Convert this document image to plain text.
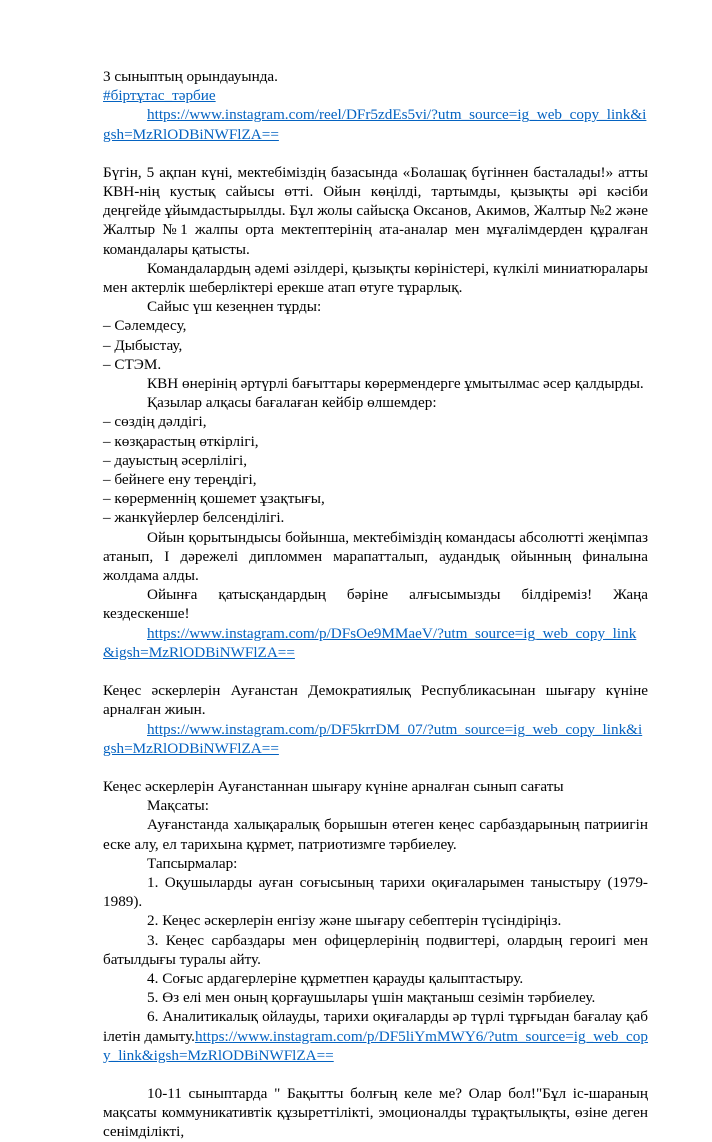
3 сыныптың орындауында.

#біртұтас_тәрбие

https://www.instagram.com/reel/DFr5zdEs5vi/?utm_source=ig_web_copy_link&igsh=MzRlODBiNWFlZA==

Бүгін, 5 ақпан күні, мектебіміздің базасында «Болашақ бүгіннен басталады!» атты КВН-нің кустық сайысы өтті. Ойын көңілді, тартымды, қызықты әрі кәсіби деңгейде ұйымдастырылды. Бұл жолы сайысқа Оксанов, Акимов, Жалтыр №2 және Жалтыр №1 жалпы орта мектептерінің ата-аналар мен мұғалімдерден құралған командалары қатысты.

Командалардың әдемі әзілдері, қызықты көріністері, күлкілі миниатюралары мен актерлік шеберліктері ерекше атап өтуге тұрарлық.

Сайыс үш кезеңнен тұрды:

– Сәлемдесу,

– Дыбыстау,

– СТЭМ.

КВН өнерінің әртүрлі бағыттары көрермендерге ұмытылмас әсер қалдырды.

Қазылар алқасы бағалаған кейбір өлшемдер:

– сөздің дәлдігі,

– көзқарастың өткірлігі,

– дауыстың әсерлілігі,

– бейнеге ену тереңдігі,

– көрерменнің қошемет ұзақтығы,

– жанкүйерлер белсенділігі.

Ойын қорытындысы бойынша, мектебіміздің командасы абсолютті жеңімпаз атанып, І дәрежелі дипломмен марапатталып, аудандық ойынның финалына жолдама алды.

Ойынға қатысқандардың бәріне алғысымызды білдіреміз! Жаңа кездескенше!

https://www.instagram.com/p/DFsOe9MMaeV/?utm_source=ig_web_copy_link&igsh=MzRlODBiNWFlZA==

Кеңес әскерлерін Ауғанстан Демократиялық Республикасынан шығару күніне арналған жиын.

https://www.instagram.com/p/DF5krrDM_07/?utm_source=ig_web_copy_link&igsh=MzRlODBiNWFlZA==

Кеңес әскерлерін Ауғанстаннан шығару күніне арналған сынып сағаты

Мақсаты:

Ауғанстанда халықаралық борышын өтеген кеңес сарбаздарының патриигін еске алу, ел тарихына құрмет, патриотизмге тәрбиелеу.

Тапсырмалар:

1. Оқушыларды ауған соғысының тарихи оқиғаларымен таныстыру (1979-1989).

2. Кеңес әскерлерін енгізу және шығару себептерін түсіндіріңіз.

3. Кеңес сарбаздары мен офицерлерінің подвигтері, олардың героигі мен батылдығы туралы айту.

4. Соғыс ардагерлеріне құрметпен қарауды қалыптастыру.

5. Өз елі мен оның қорғаушылары үшін мақтаныш сезімін тәрбиелеу.

6. Аналитикалық ойлауды, тарихи оқиғаларды әр түрлі тұрғыдан бағалау қабілетін дамыту.https://www.instagram.com/p/DF5liYmMWY6/?utm_source=ig_web_copy_link&igsh=MzRlODBiNWFlZA==

10-11 сыныптарда " Бақытты болғың келе ме? Олар бол!"Бұл іс-шараның мақсаты коммуникативтік құзыреттілікті, эмоционалды тұрақтылықты, өзіне деген сенімділікті,
